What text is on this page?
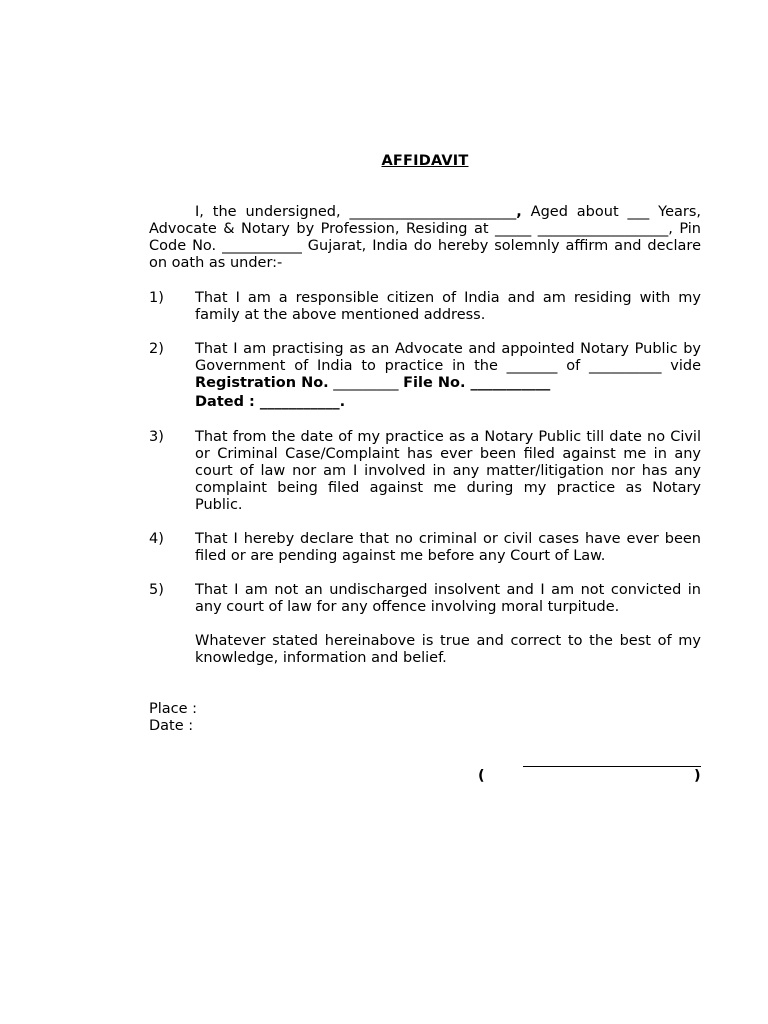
AFFIDAVIT

I, the undersigned, _______________________, Aged about ___ Years, Advocate & Notary by Profession, Residing at _____ __________________, Pin Code No. ___________ Gujarat, India do hereby solemnly affirm and declare on oath as under:-

1) That I am a responsible citizen of India and am residing with my family at the above mentioned address.
2) That I am practising as an Advocate and appointed Notary Public by Government of India to practice in the _______ of __________ vide Registration No. _________ File No. ___________
Dated : ___________.
3) That from the date of my practice as a Notary Public till date no Civil or Criminal Case/Complaint has ever been filed against me in any court of law nor am I involved in any matter/litigation nor has any complaint being filed against me during my practice as Notary Public.
4) That I hereby declare that no criminal or civil cases have ever been filed or are pending against me before any Court of Law.
5) That I am not an undischarged insolvent and I am not convicted in any court of law for any offence involving moral turpitude.
Whatever stated hereinabove is true and correct to the best of my knowledge, information and belief.
Place :
Date :
(	)
